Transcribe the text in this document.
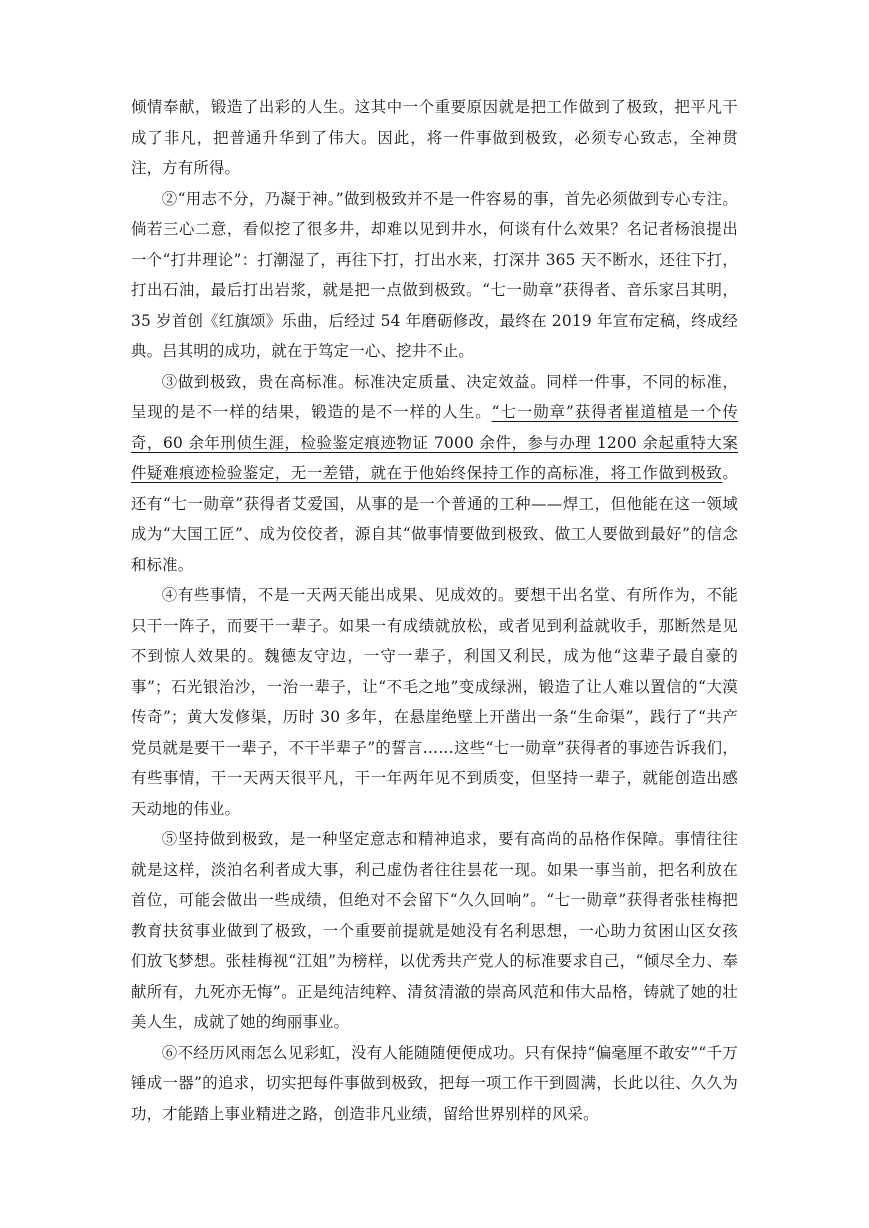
倾情奉献，锻造了出彩的人生。这其中一个重要原因就是把工作做到了极致，把平凡干成了非凡，把普通升华到了伟大。因此，将一件事做到极致，必须专心致志，全神贯注，方有所得。

②“用志不分，乃凝于神。”做到极致并不是一件容易的事，首先必须做到专心专注。倘若三心二意，看似挖了很多井，却难以见到井水，何谈有什么效果？名记者杨浪提出一个“打井理论”：打潮湿了，再往下打，打出水来，打深井 365 天不断水，还往下打，打出石油，最后打出岩浆，就是把一点做到极致。“七一勋章”获得者、音乐家吕其明，35 岁首创《红旗颂》乐曲，后经过 54 年磨砺修改，最终在 2019 年宣布定稿，终成经典。吕其明的成功，就在于笃定一心、挖井不止。

③做到极致，贵在高标准。标准决定质量、决定效益。同样一件事，不同的标准，呈现的是不一样的结果，锻造的是不一样的人生。“七一勋章”获得者崔道植是一个传奇，60 余年刑侦生涯，检验鉴定痕迹物证 7000 余件，参与办理 1200 余起重特大案件疑难痕迹检验鉴定，无一差错，就在于他始终保持工作的高标准，将工作做到极致。还有“七一勋章”获得者艾爱国，从事的是一个普通的工种——焊工，但他能在这一领域成为“大国工匠”、成为佼佼者，源自其“做事情要做到极致、做工人要做到最好”的信念和标准。

④有些事情，不是一天两天能出成果、见成效的。要想干出名堂、有所作为，不能只干一阵子，而要干一辈子。如果一有成绩就放松，或者见到利益就收手，那断然是见不到惊人效果的。魏德友守边，一守一辈子，利国又利民，成为他“这辈子最自豪的事”；石光银治沙，一治一辈子，让“不毛之地”变成绿洲，锻造了让人难以置信的“大漠传奇”；黄大发修渠，历时 30 多年，在悬崖绝壁上开凿出一条“生命渠”，践行了“共产党员就是要干一辈子，不干半辈子”的誓言……这些“七一勋章”获得者的事迹告诉我们，有些事情，干一天两天很平凡，干一年两年见不到质变，但坚持一辈子，就能创造出感天动地的伟业。

⑤坚持做到极致，是一种坚定意志和精神追求，要有高尚的品格作保障。事情往往就是这样，淡泊名利者成大事，利己虚伪者往往昙花一现。如果一事当前，把名利放在首位，可能会做出一些成绩，但绝对不会留下“久久回响”。“七一勋章”获得者张桂梅把教育扶贫事业做到了极致，一个重要前提就是她没有名利思想，一心助力贫困山区女孩们放飞梦想。张桂梅视“江姐”为榜样，以优秀共产党人的标准要求自己，“倾尽全力、奉献所有，九死亦无悔”。正是纯洁纯粹、清贫清澈的崇高风范和伟大品格，铸就了她的壮美人生，成就了她的绚丽事业。

⑥不经历风雨怎么见彩虹，没有人能随随便便成功。只有保持“偏毫厘不敢安”“千万锤成一器”的追求，切实把每件事做到极致，把每一项工作干到圆满，长此以往、久久为功，才能踏上事业精进之路，创造非凡业绩，留给世界别样的风采。
